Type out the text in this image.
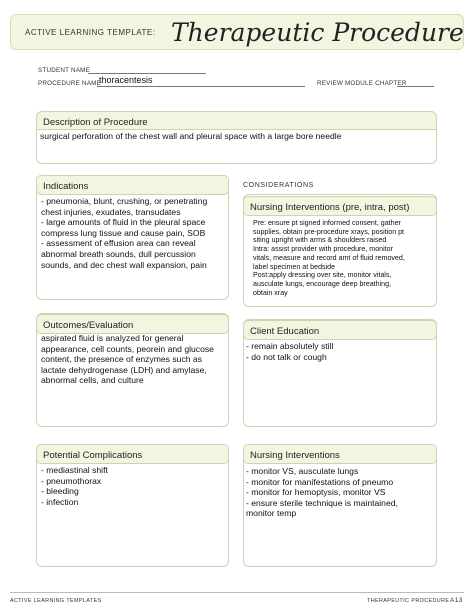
ACTIVE LEARNING TEMPLATE: Therapeutic Procedure
STUDENT NAME
PROCEDURE NAME
thoracentesis	REVIEW MODULE CHAPTER
Description of Procedure
surgical perforation of the chest wall and pleural space with a large bore needle
Indications
- pneumonia, blunt, crushing, or penetrating
chest injuries, exudates, transudates
- large amounts of fluid in the pleural space
compress lung tissue and cause pain, SOB
- assessment of effusion area can reveal
abnormal breath sounds, dull percussion
sounds, and dec chest wall expansion, pain
CONSIDERATIONS
Nursing Interventions (pre, intra, post)
Pre: ensure pt signed informed consent, gather
supplies, obtain pre-procedure xrays, position pt
siting upright with arms & shoulders raised
Intra: assist provider with procedure, monitor
vitals, measure and record amt of fluid removed,
label specimen at bedside
Post:apply dressing over site, monitor vitals,
ausculate lungs, encourage deep breathing,
obtain xray
Outcomes/Evaluation
aspirated fluid is analyzed for general
appearance, cell counts, peorein and glucose
content, the presence of enzymes such as
lactate dehydrogenase (LDH) and amylase,
abnormal cells, and culture
Client Education
- remain absolutely still
- do not talk or cough
Potential Complications
- mediastinal shift
- pneumothorax
- bleeding
- infection
Nursing Interventions
- monitor VS, ausculate lungs
- monitor for manifestations of pneumo
- monitor for hemoptysis, monitor VS
- ensure sterile technique is maintained,
monitor temp
ACTIVE LEARNING TEMPLATES	THERAPEUTIC PROCEDURE A13
